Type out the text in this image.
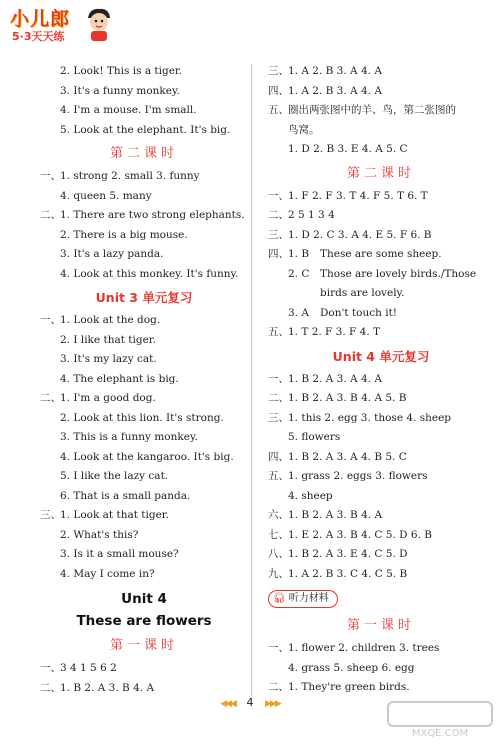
小儿郎
5·3天天练
2. Look! This is a tiger.
3. It's a funny monkey.
4. I'm a mouse. I'm small.
5. Look at the elephant. It's big.
第二课时
一、 1. strong 2. small 3. funny
4. queen 5. many
二、 1. There are two strong elephants.
2. There is a big mouse.
3. It's a lazy panda.
4. Look at this monkey. It's funny.
Unit 3 单元复习
一、 1. Look at the dog.
2. I like that tiger.
3. It's my lazy cat.
4. The elephant is big.
二、 1. I'm a good dog.
2. Look at this lion. It's strong.
3. This is a funny monkey.
4. Look at the kangaroo. It's big.
5. I like the lazy cat.
6. That is a small panda.
三、 1. Look at that tiger.
2. What's this?
3. Is it a small mouse?
4. May I come in?
Unit 4
These are flowers
第一课时
一、 3 4 1 5 6 2
二、 1. B 2. A 3. B 4. A
三、 1. A 2. B 3. A 4. A
四、 1. A 2. B 3. A 4. A
五、 圈出两张图中的羊、鸟，第二张图的
鸟窝。
1. D 2. B 3. E 4. A 5. C
第二课时
一、 1. F 2. F 3. T 4. F 5. T 6. T
二、 2 5 1 3 4
三、 1. D 2. C 3. A 4. E 5. F 6. B
四、 1. B These are some sheep.
2. C Those are lovely birds./Those
birds are lovely.
3. A Don't touch it!
五、 1. T 2. F 3. F 4. T
Unit 4 单元复习
一、 1. B 2. A 3. A 4. A
二、 1. B 2. A 3. B 4. A 5. B
三、 1. this 2. egg 3. those 4. sheep
5. flowers
四、 1. B 2. A 3. A 4. B 5. C
五、 1. grass 2. eggs 3. flowers
4. sheep
六、 1. B 2. A 3. B 4. A
七、 1. E 2. A 3. B 4. C 5. D 6. B
八、 1. B 2. A 3. E 4. C 5. D
九、 1. A 2. B 3. C 4. C 5. B
🎧︎ 听力材料
第一课时
一、 1. flower 2. children 3. trees
4. grass 5. sheep 6. egg
二、 1. They're green birds.
◀◀◀ 4 ▶▶▶
MXQE.COM
